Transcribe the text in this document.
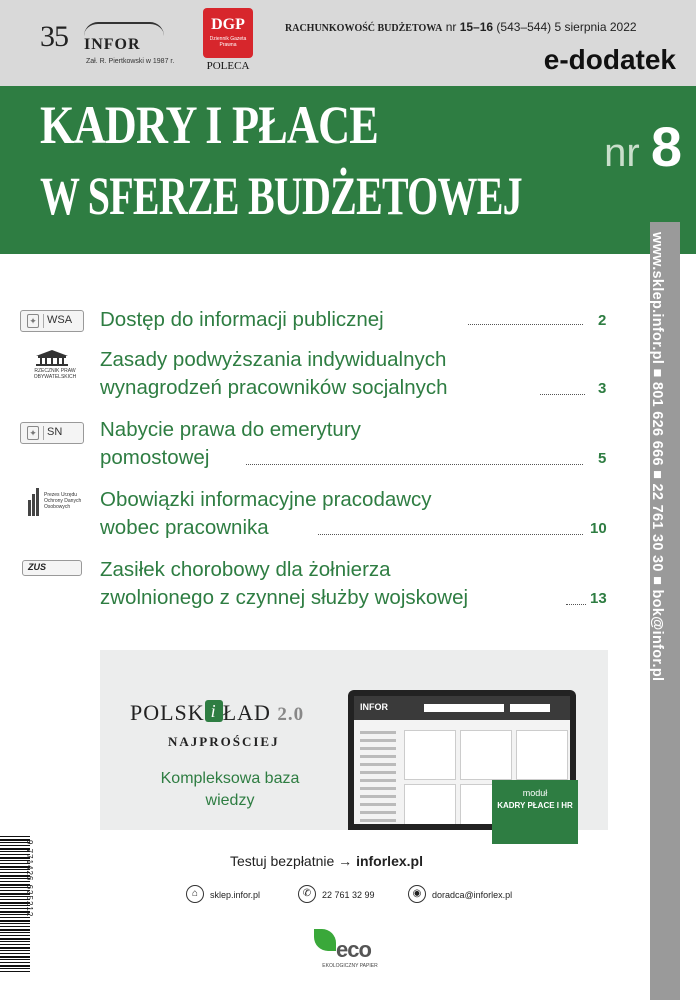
35 INFOR
Zał. R. Piertkowski w 1987 r.
DGP
Dziennik Gazeta Prawna
POLECA
RACHUNKOWOŚĆ BUDŻETOWA nr 15–16 (543–544) 5 sierpnia 2022
e-dodatek
KADRY I PŁACE
W SFERZE BUDŻETOWEJ
nr 8
www.sklep.infor.pl ■ 801 626 666 ■ 22 761 30 30 ■ bok@infor.pl
✦ WSA Dostęp do informacji publicznej	2
RZECZNIK PRAW OBYWATELSKICH
Zasady podwyższania indywidualnych
wynagrodzeń pracowników socjalnych	3
✦ SN Nabycie prawa do emerytury
pomostowej	5
Prezes Urzędu Ochrony Danych Osobowych	Obowiązki informacyjne pracodawcy
wobec pracownika	10
ZUS	Zasiłek chorobowy dla żołnierza
zwolnionego z czynnej służby wojskowej	13
POLSK i ŁAD 2.0
NAJPROŚCIEJ
Kompleksowa baza wiedzy
INFOR
moduł
KADRY PŁACE I HR
Testuj bezpłatnie → inforlex.pl
⌂	sklep.infor.pl	✆	22 761 32 99	◉	doradca@inforlex.pl
eco
EKOLOGICZNY PAPIER
9 771426 625212
